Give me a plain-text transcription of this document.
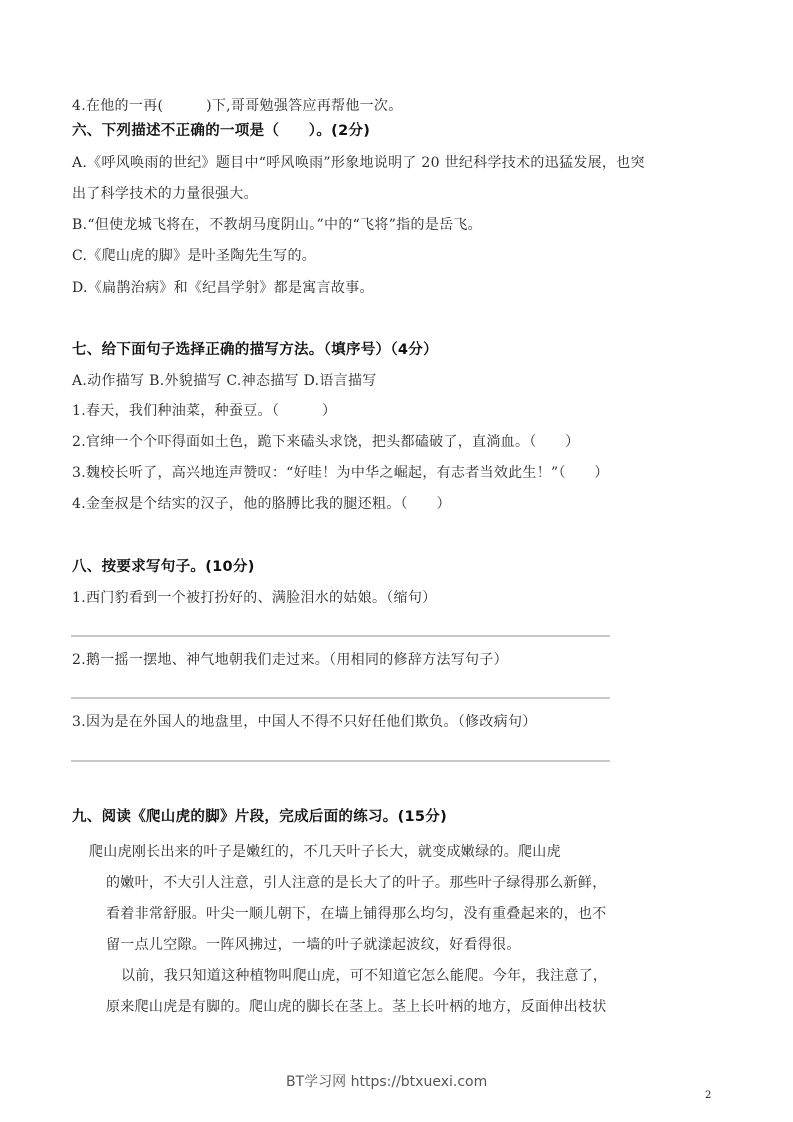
4.在他的一再(　　　)下,哥哥勉强答应再帮他一次。
六、下列描述不正确的一项是（　　）。(2分)
A.《呼风唤雨的世纪》题目中“呼风唤雨”形象地说明了 20 世纪科学技术的迅猛发展，也突
出了科学技术的力量很强大。
B.“但使龙城飞将在，不教胡马度阴山。”中的“飞将”指的是岳飞。
C.《爬山虎的脚》是叶圣陶先生写的。
D.《扁鹊治病》和《纪昌学射》都是寓言故事。
七、给下面句子选择正确的描写方法。（填序号）（4分）
A.动作描写 B.外貌描写 C.神态描写 D.语言描写
1.春天，我们种油菜，种蚕豆。（　　　）
2.官绅一个个吓得面如土色，跪下来磕头求饶，把头都磕破了，直淌血。（　　）
3.魏校长听了，高兴地连声赞叹：“好哇！为中华之崛起，有志者当效此生！”（　　）
4.金奎叔是个结实的汉子，他的胳膊比我的腿还粗。（　　）
八、按要求写句子。(10分)
1.西门豹看到一个被打扮好的、满脸泪水的姑娘。（缩句）
2.鹅一摇一摆地、神气地朝我们走过来。（用相同的修辞方法写句子）
3.因为是在外国人的地盘里，中国人不得不只好任他们欺负。（修改病句）
九、阅读《爬山虎的脚》片段，完成后面的练习。(15分)
爬山虎刚长出来的叶子是嫩红的，不几天叶子长大，就变成嫩绿的。爬山虎
的嫩叶，不大引人注意，引人注意的是长大了的叶子。那些叶子绿得那么新鲜，
看着非常舒服。叶尖一顺儿朝下，在墙上铺得那么均匀，没有重叠起来的，也不
留一点儿空隙。一阵风拂过，一墙的叶子就漾起波纹，好看得很。
以前，我只知道这种植物叫爬山虎，可不知道它怎么能爬。今年，我注意了，
原来爬山虎是有脚的。爬山虎的脚长在茎上。茎上长叶柄的地方，反面伸出枝状
BT学习网 https://btxuexi.com
2
